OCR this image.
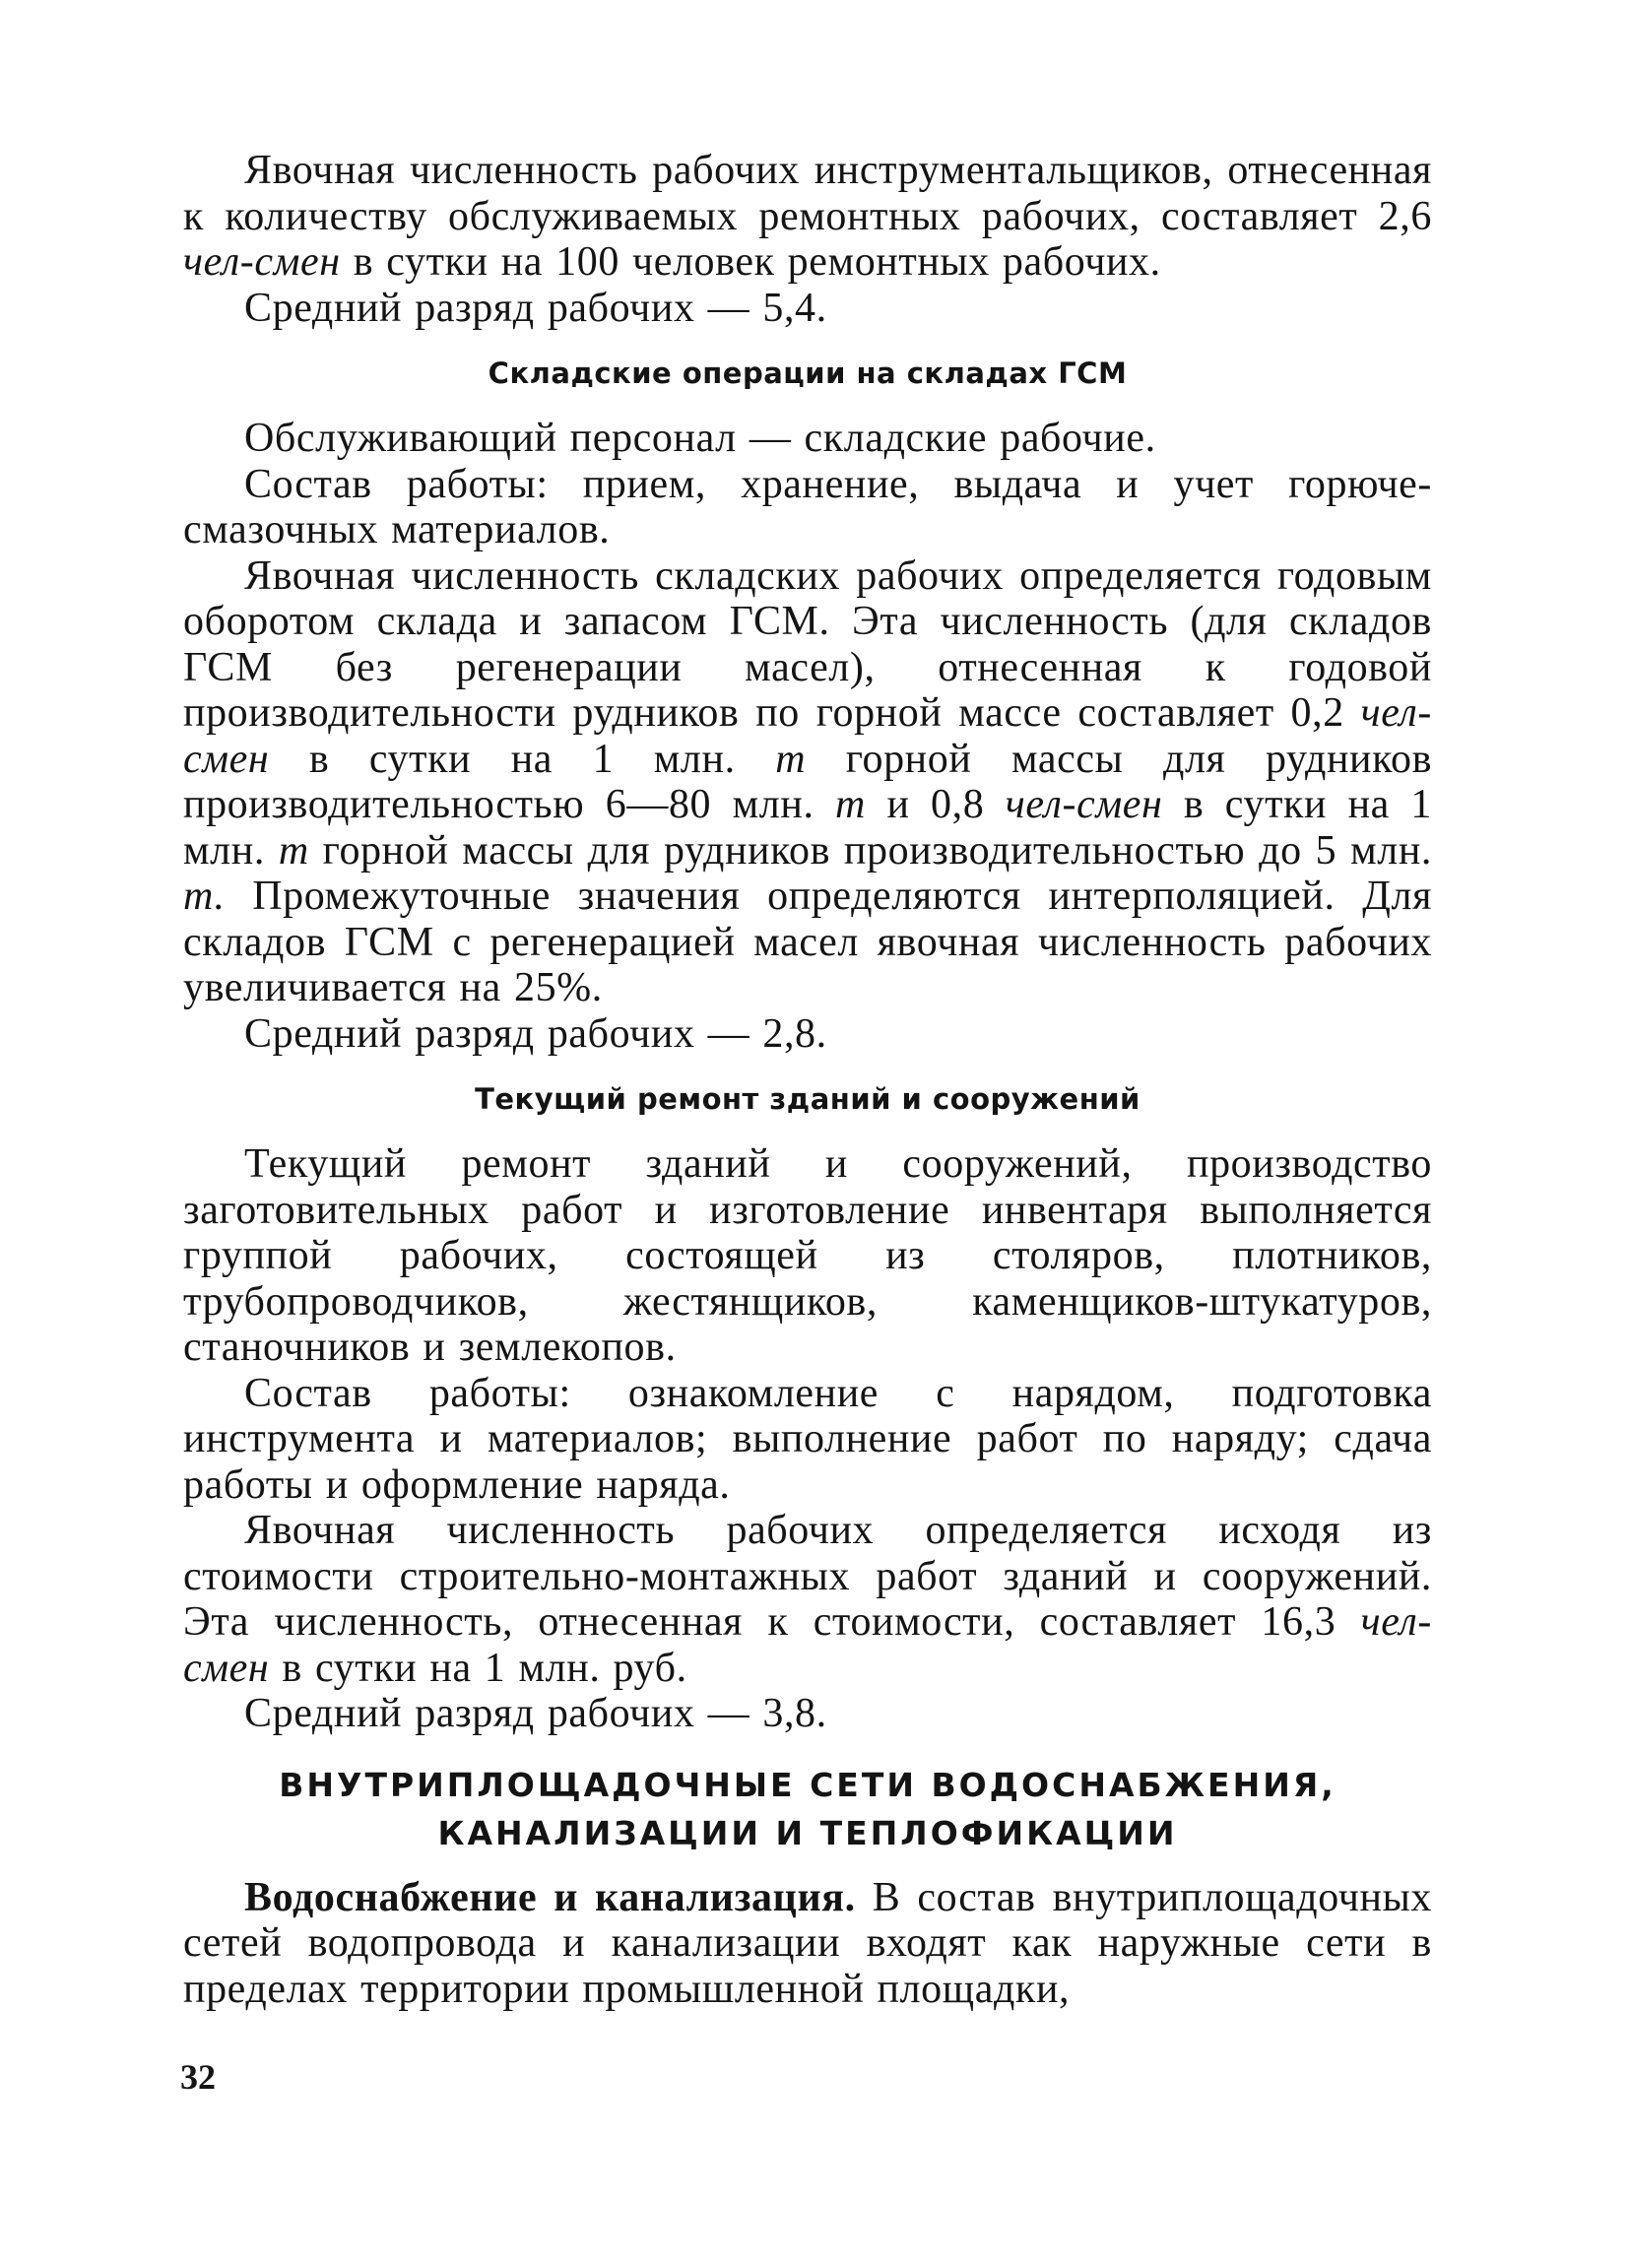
Явочная численность рабочих инструментальщиков, отнесенная к количеству обслуживаемых ремонтных рабочих, составляет 2,6 чел-смен в сутки на 100 человек ремонтных рабочих.

Средний разряд рабочих — 5,4.

Складские операции на складах ГСМ

Обслуживающий персонал — складские рабочие.

Состав работы: прием, хранение, выдача и учет горюче-смазочных материалов.

Явочная численность складских рабочих определяется годовым оборотом склада и запасом ГСМ. Эта численность (для складов ГСМ без регенерации масел), отнесенная к годовой производительности рудников по горной массе составляет 0,2 чел-смен в сутки на 1 млн. т горной массы для рудников производительностью 6—80 млн. т и 0,8 чел-смен в сутки на 1 млн. т горной массы для рудников производительностью до 5 млн. т. Промежуточные значения определяются интерполяцией. Для складов ГСМ с регенерацией масел явочная численность рабочих увеличивается на 25%.

Средний разряд рабочих — 2,8.

Текущий ремонт зданий и сооружений

Текущий ремонт зданий и сооружений, производство заготовительных работ и изготовление инвентаря выполняется группой рабочих, состоящей из столяров, плотников, трубопроводчиков, жестянщиков, каменщиков-штукатуров, станочников и землекопов.

Состав работы: ознакомление с нарядом, подготовка инструмента и материалов; выполнение работ по наряду; сдача работы и оформление наряда.

Явочная численность рабочих определяется исходя из стоимости строительно-монтажных работ зданий и сооружений. Эта численность, отнесенная к стоимости, составляет 16,3 чел-смен в сутки на 1 млн. руб.

Средний разряд рабочих — 3,8.

ВНУТРИПЛОЩАДОЧНЫЕ СЕТИ ВОДОСНАБЖЕНИЯ,
КАНАЛИЗАЦИИ И ТЕПЛОФИКАЦИИ

Водоснабжение и канализация. В состав внутриплощадочных сетей водопровода и канализации входят как наружные сети в пределах территории промышленной площадки,

32
